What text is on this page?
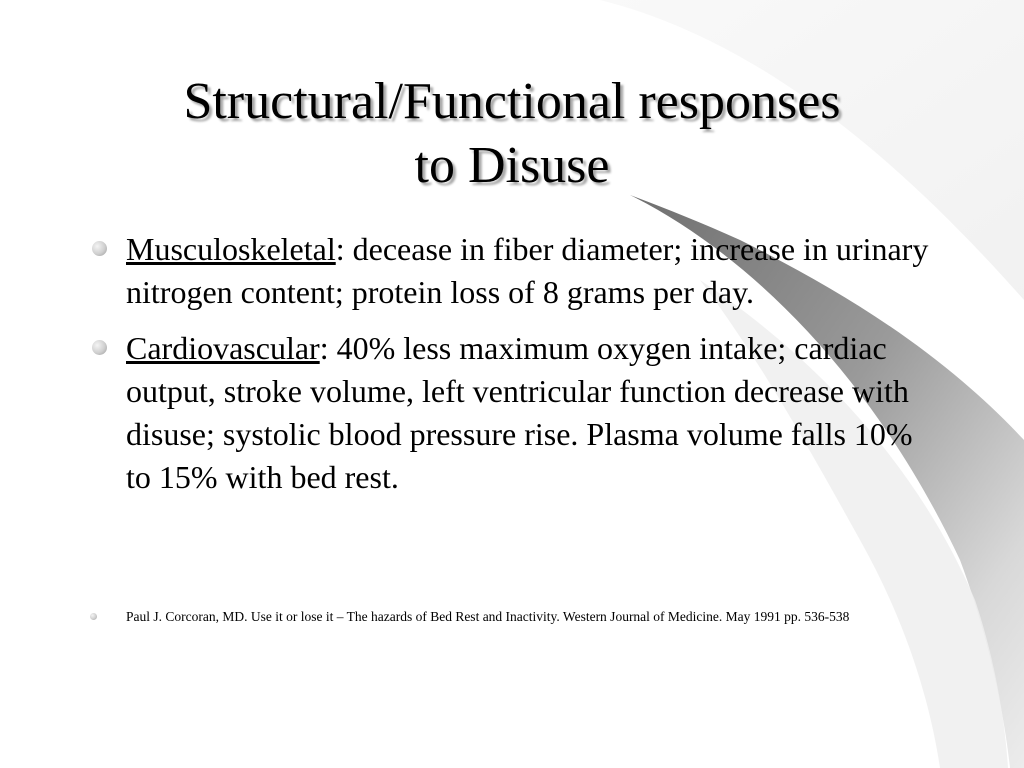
Structural/Functional responses
to Disuse
Musculoskeletal: decease in fiber diameter; increase in urinary nitrogen content; protein loss of 8 grams per day.
Cardiovascular: 40% less maximum oxygen intake; cardiac output, stroke volume, left ventricular function decrease with disuse; systolic blood pressure rise. Plasma volume falls 10% to 15% with bed rest.
Paul J. Corcoran, MD. Use it or lose it – The hazards of Bed Rest and Inactivity. Western Journal of Medicine. May 1991 pp. 536-538
